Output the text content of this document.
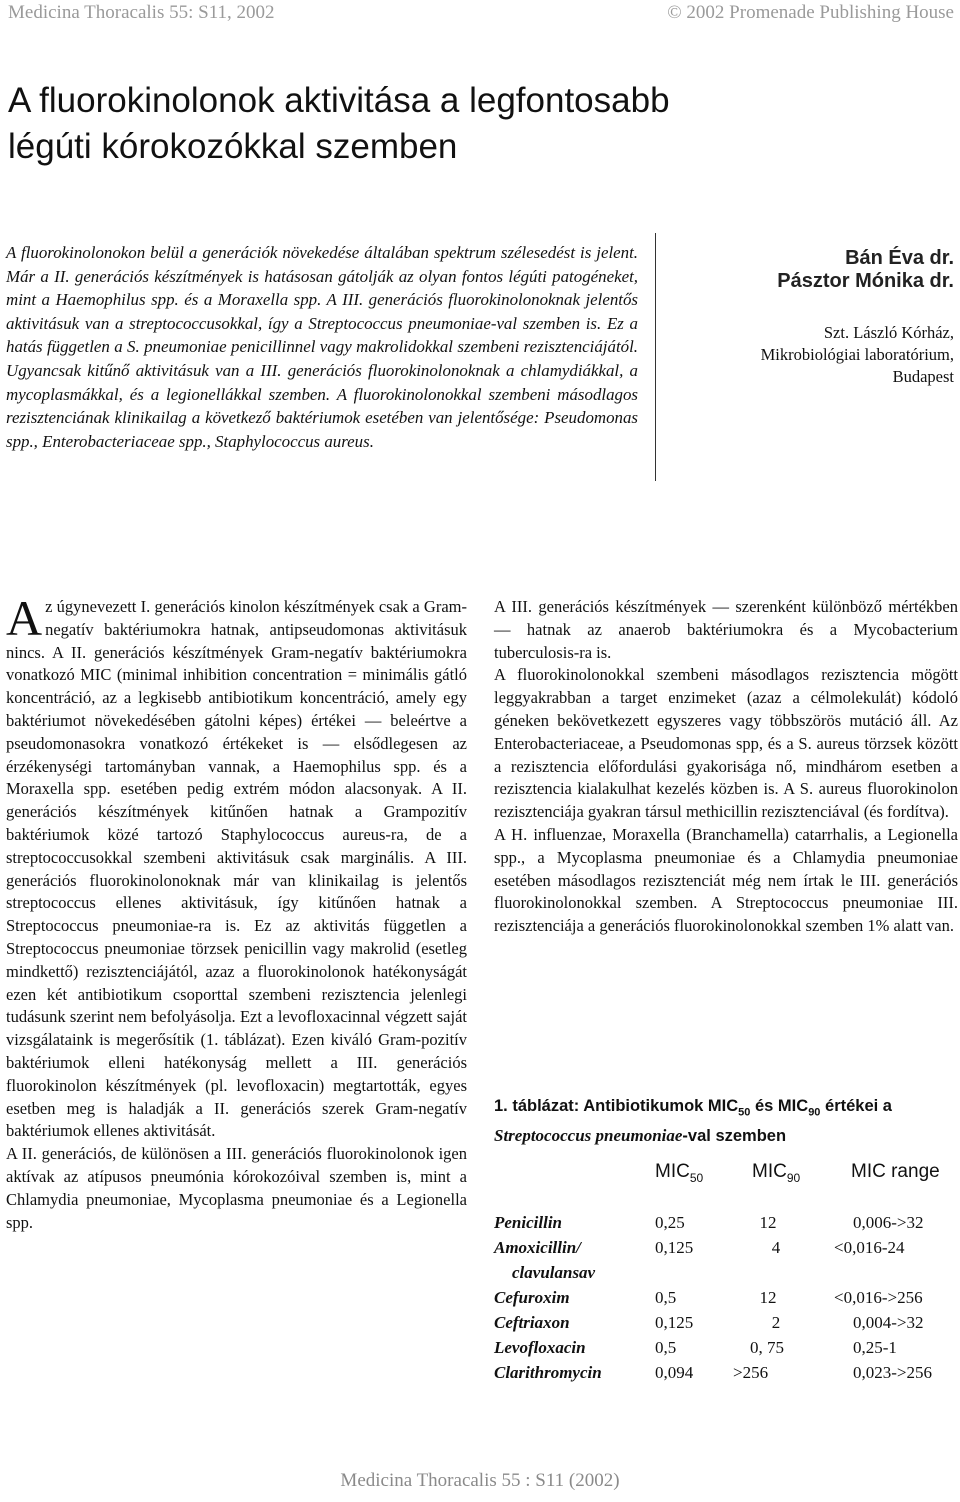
Medicina Thoracalis 55: S11, 2002	© 2002 Promenade Publishing House
A fluorokinolonok aktivitása a legfontosabb
légúti kórokozókkal szemben

A fluorokinolonokon belül a generációk növekedése általában spektrum szélesedést is jelent. Már a II. generációs készítmények is hatásosan gátolják az olyan fontos légúti patogéneket, mint a Haemophilus spp. és a Moraxella spp. A III. generációs fluorokinolonoknak jelentős aktivitásuk van a streptococcusokkal, így a Streptococcus pneumoniae-val szemben is. Ez a hatás független a S. pneumoniae penicillinnel vagy makrolidokkal szembeni rezisztenciájától. Ugyancsak kitűnő aktivitásuk van a III. generációs fluorokinolonoknak a chlamydiákkal, a mycoplasmákkal, és a legionellákkal szemben. A fluorokinolonokkal szembeni másodlagos rezisztenciának klinikailag a következő baktériumok esetében van jelentősége: Pseudomonas spp., Enterobacteriaceae spp., Staphylococcus aureus.

Bán Éva dr.
Pásztor Mónika dr.
Szt. László Kórház,
Mikrobiológiai laboratórium,
Budapest

Az úgynevezett I. generációs kinolon készítmények csak a Gram-negatív baktériumokra hatnak, antipseudomonas aktivitásuk nincs. A II. generációs készítmények Gram-negatív baktériumokra vonatkozó MIC (minimal inhibition concentration = minimális gátló koncentráció, az a legkisebb antibiotikum koncentráció, amely egy baktériumot növekedésében gátolni képes) értékei — beleértve a pseudomonasokra vonatkozó értékeket is — elsődlegesen az érzékenységi tartományban vannak, a Haemophilus spp. és a Moraxella spp. esetében pedig extrém módon alacsonyak. A II. generációs készítmények kitűnően hatnak a Grampozitív baktériumok közé tartozó Staphylococcus aureus-ra, de a streptococcusokkal szembeni aktivitásuk csak marginális. A III. generációs fluorokinolonoknak már van klinikailag is jelentős streptococcus ellenes aktivitásuk, így kitűnően hatnak a Streptococcus pneumoniae-ra is. Ez az aktivitás független a Streptococcus pneumoniae törzsek penicillin vagy makrolid (esetleg mindkettő) rezisztenciájától, azaz a fluorokinolonok hatékonyságát ezen két antibiotikum csoporttal szembeni rezisztencia jelenlegi tudásunk szerint nem befolyásolja. Ezt a levofloxacinnal végzett saját vizsgálataink is megerősítik (1. táblázat). Ezen kiváló Gram-pozitív baktériumok elleni hatékonyság mellett a III. generációs fluorokinolon készítmények (pl. levofloxacin) megtartották, egyes esetben meg is haladják a II. generációs szerek Gram-negatív baktériumok ellenes aktivitását.

A II. generációs, de különösen a III. generációs fluorokinolonok igen aktívak az atípusos pneumónia kórokozóival szemben is, mint a Chlamydia pneumoniae, Mycoplasma pneumoniae és a Legionella spp.

A III. generációs készítmények — szerenként különböző mértékben — hatnak az anaerob baktériumokra és a Mycobacterium tuberculosis-ra is.

A fluorokinolonokkal szembeni másodlagos rezisztencia mögött leggyakrabban a target enzimeket (azaz a célmolekulát) kódoló géneken bekövetkezett egyszeres vagy többszörös mutáció áll. Az Enterobacteriaceae, a Pseudomonas spp, és a S. aureus törzsek között a rezisztencia előfordulási gyakorisága nő, mindhárom esetben a rezisztencia kialakulhat kezelés közben is. A S. aureus fluorokinolon rezisztenciája gyakran társul methicillin rezisztenciával (és fordítva).

A H. influenzae, Moraxella (Branchamella) catarrhalis, a Legionella spp., a Mycoplasma pneumoniae és a Chlamydia pneumoniae esetében másodlagos rezisztenciát még nem írtak le III. generációs fluorokinolonokkal szemben. A Streptococcus pneumoniae III. rezisztenciája a generációs fluorokinolonokkal szemben 1% alatt van.

1. táblázat: Antibiotikumok $MIC_{50}$ és $MIC_{90}$ értékei a
Streptococcus pneumoniae-val szemben
$MIC_{50}$	$MIC_{90}$	MIC range
Penicillin	0,25	12	0,006->32
Amoxicillin/
clavulansav
0,125	4	<0,016-24
Cefuroxim	0,5	12	<0,016->256
Ceftriaxon	0,125	2	0,004->32
Levofloxacin	0,5	0, 75	0,25-1
Clarithromycin	0,094 >256	0,023->256
Medicina Thoracalis 55 : S11 (2002)
